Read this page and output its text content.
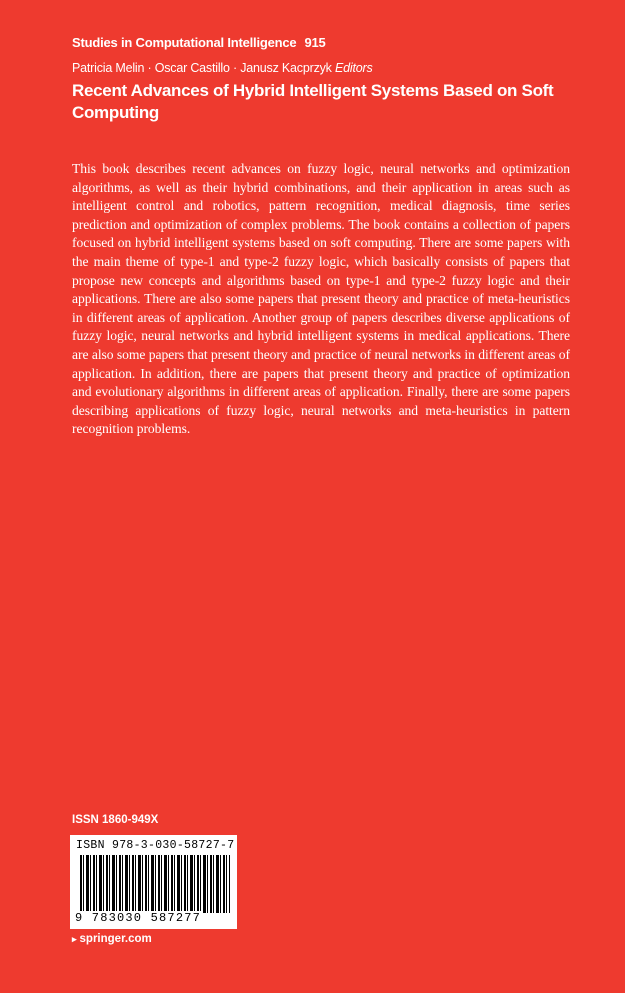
Studies in Computational Intelligence 915
Patricia Melin · Oscar Castillo · Janusz Kacprzyk Editors
Recent Advances of Hybrid Intelligent Systems Based on Soft Computing

This book describes recent advances on fuzzy logic, neural networks and optimization algorithms, as well as their hybrid combinations, and their application in areas such as intelligent control and robotics, pattern recognition, medical diagnosis, time series prediction and optimization of complex problems. The book contains a collection of papers focused on hybrid intelligent systems based on soft computing. There are some papers with the main theme of type-1 and type-2 fuzzy logic, which basically consists of papers that propose new concepts and algorithms based on type-1 and type-2 fuzzy logic and their applications. There are also some papers that present theory and practice of meta-heuristics in different areas of application. Another group of papers describes diverse applications of fuzzy logic, neural networks and hybrid intelligent systems in medical applications. There are also some papers that present theory and practice of neural networks in different areas of application. In addition, there are papers that present theory and practice of optimization and evolutionary algorithms in different areas of application. Finally, there are some papers describing applications of fuzzy logic, neural networks and meta-heuristics in pattern recognition problems.

ISSN 1860-949X
ISBN 978-3-030-58727-7
9 783030 587277
▸ springer.com
